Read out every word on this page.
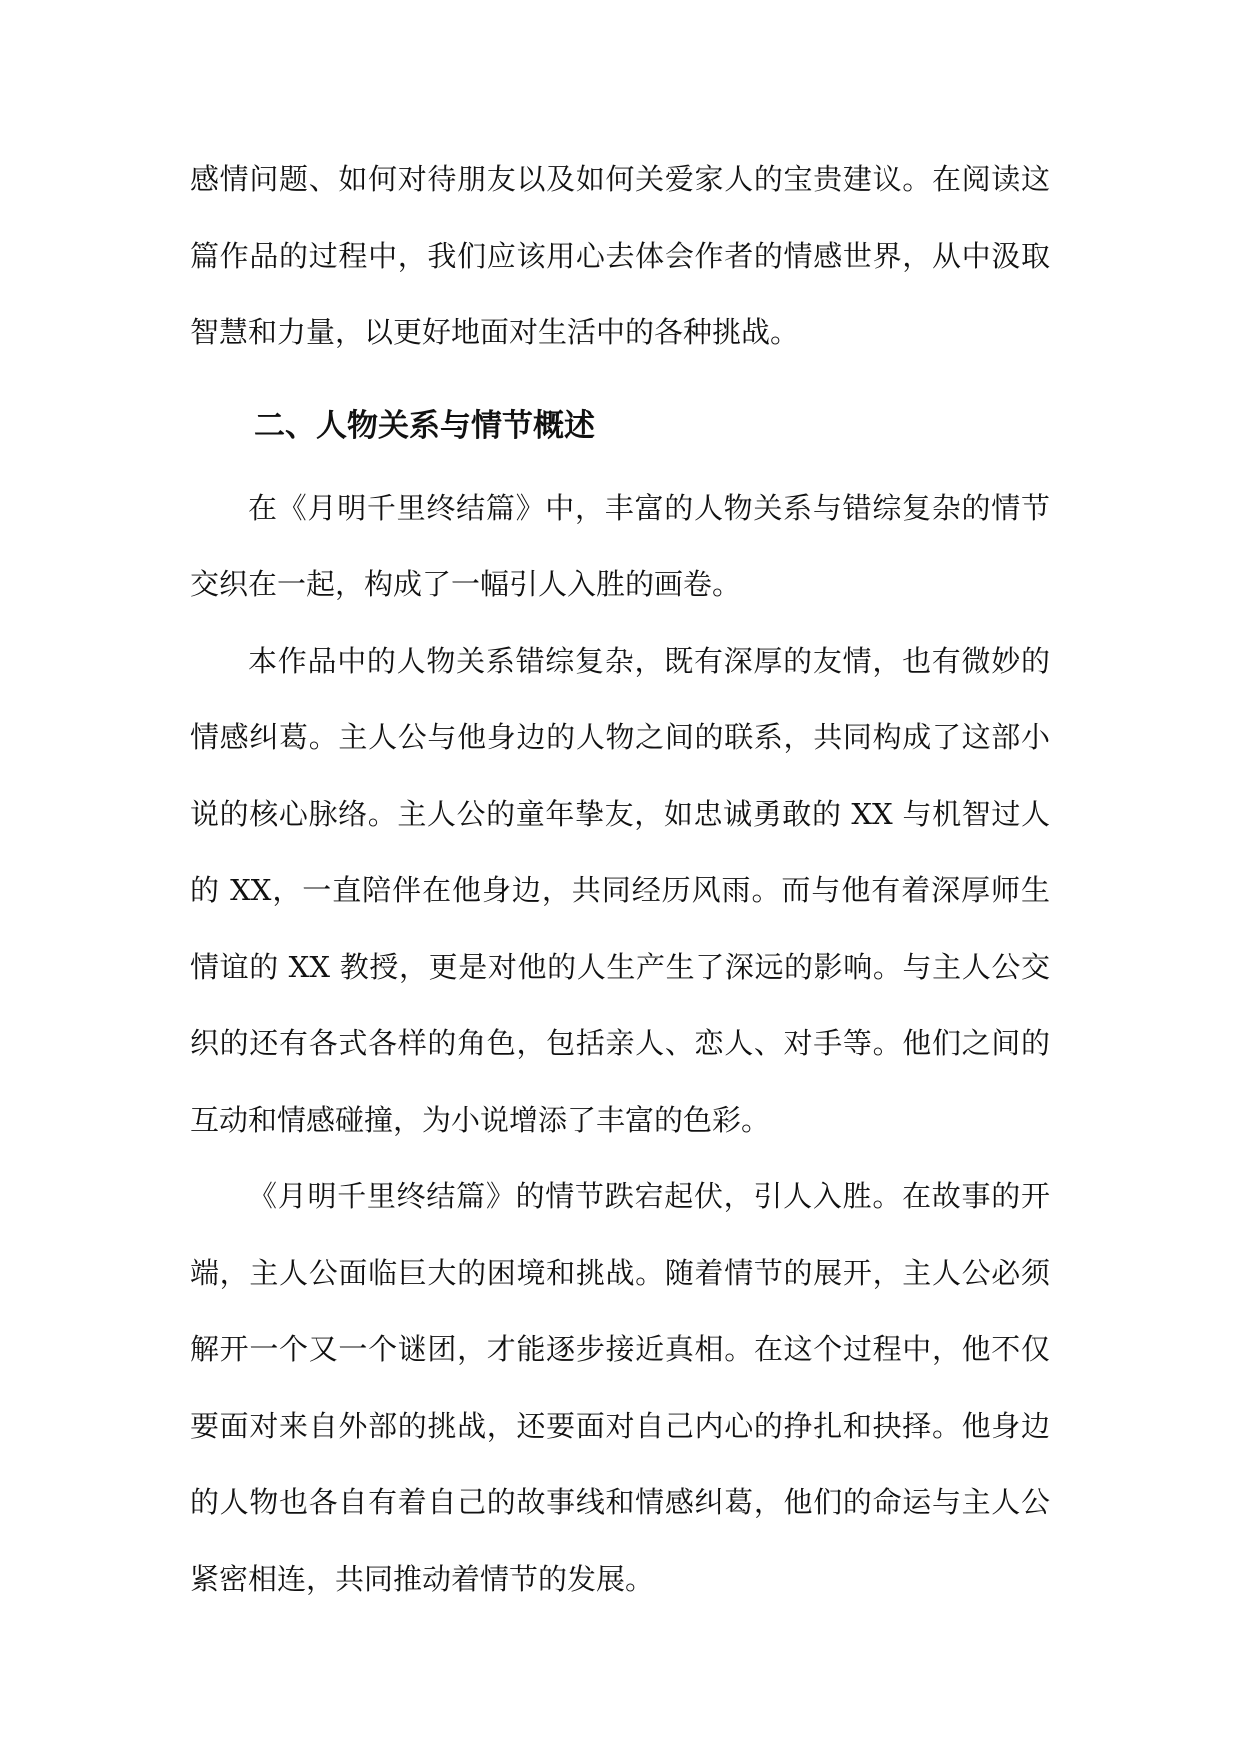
感情问题、如何对待朋友以及如何关爱家人的宝贵建议。在阅读这篇作品的过程中，我们应该用心去体会作者的情感世界，从中汲取智慧和力量，以更好地面对生活中的各种挑战。

二、人物关系与情节概述

在《月明千里终结篇》中，丰富的人物关系与错综复杂的情节交织在一起，构成了一幅引人入胜的画卷。

本作品中的人物关系错综复杂，既有深厚的友情，也有微妙的情感纠葛。主人公与他身边的人物之间的联系，共同构成了这部小说的核心脉络。主人公的童年挚友，如忠诚勇敢的 XX 与机智过人的 XX，一直陪伴在他身边，共同经历风雨。而与他有着深厚师生情谊的 XX 教授，更是对他的人生产生了深远的影响。与主人公交织的还有各式各样的角色，包括亲人、恋人、对手等。他们之间的互动和情感碰撞，为小说增添了丰富的色彩。

《月明千里终结篇》的情节跌宕起伏，引人入胜。在故事的开端，主人公面临巨大的困境和挑战。随着情节的展开，主人公必须解开一个又一个谜团，才能逐步接近真相。在这个过程中，他不仅要面对来自外部的挑战，还要面对自己内心的挣扎和抉择。他身边的人物也各自有着自己的故事线和情感纠葛，他们的命运与主人公紧密相连，共同推动着情节的发展。
